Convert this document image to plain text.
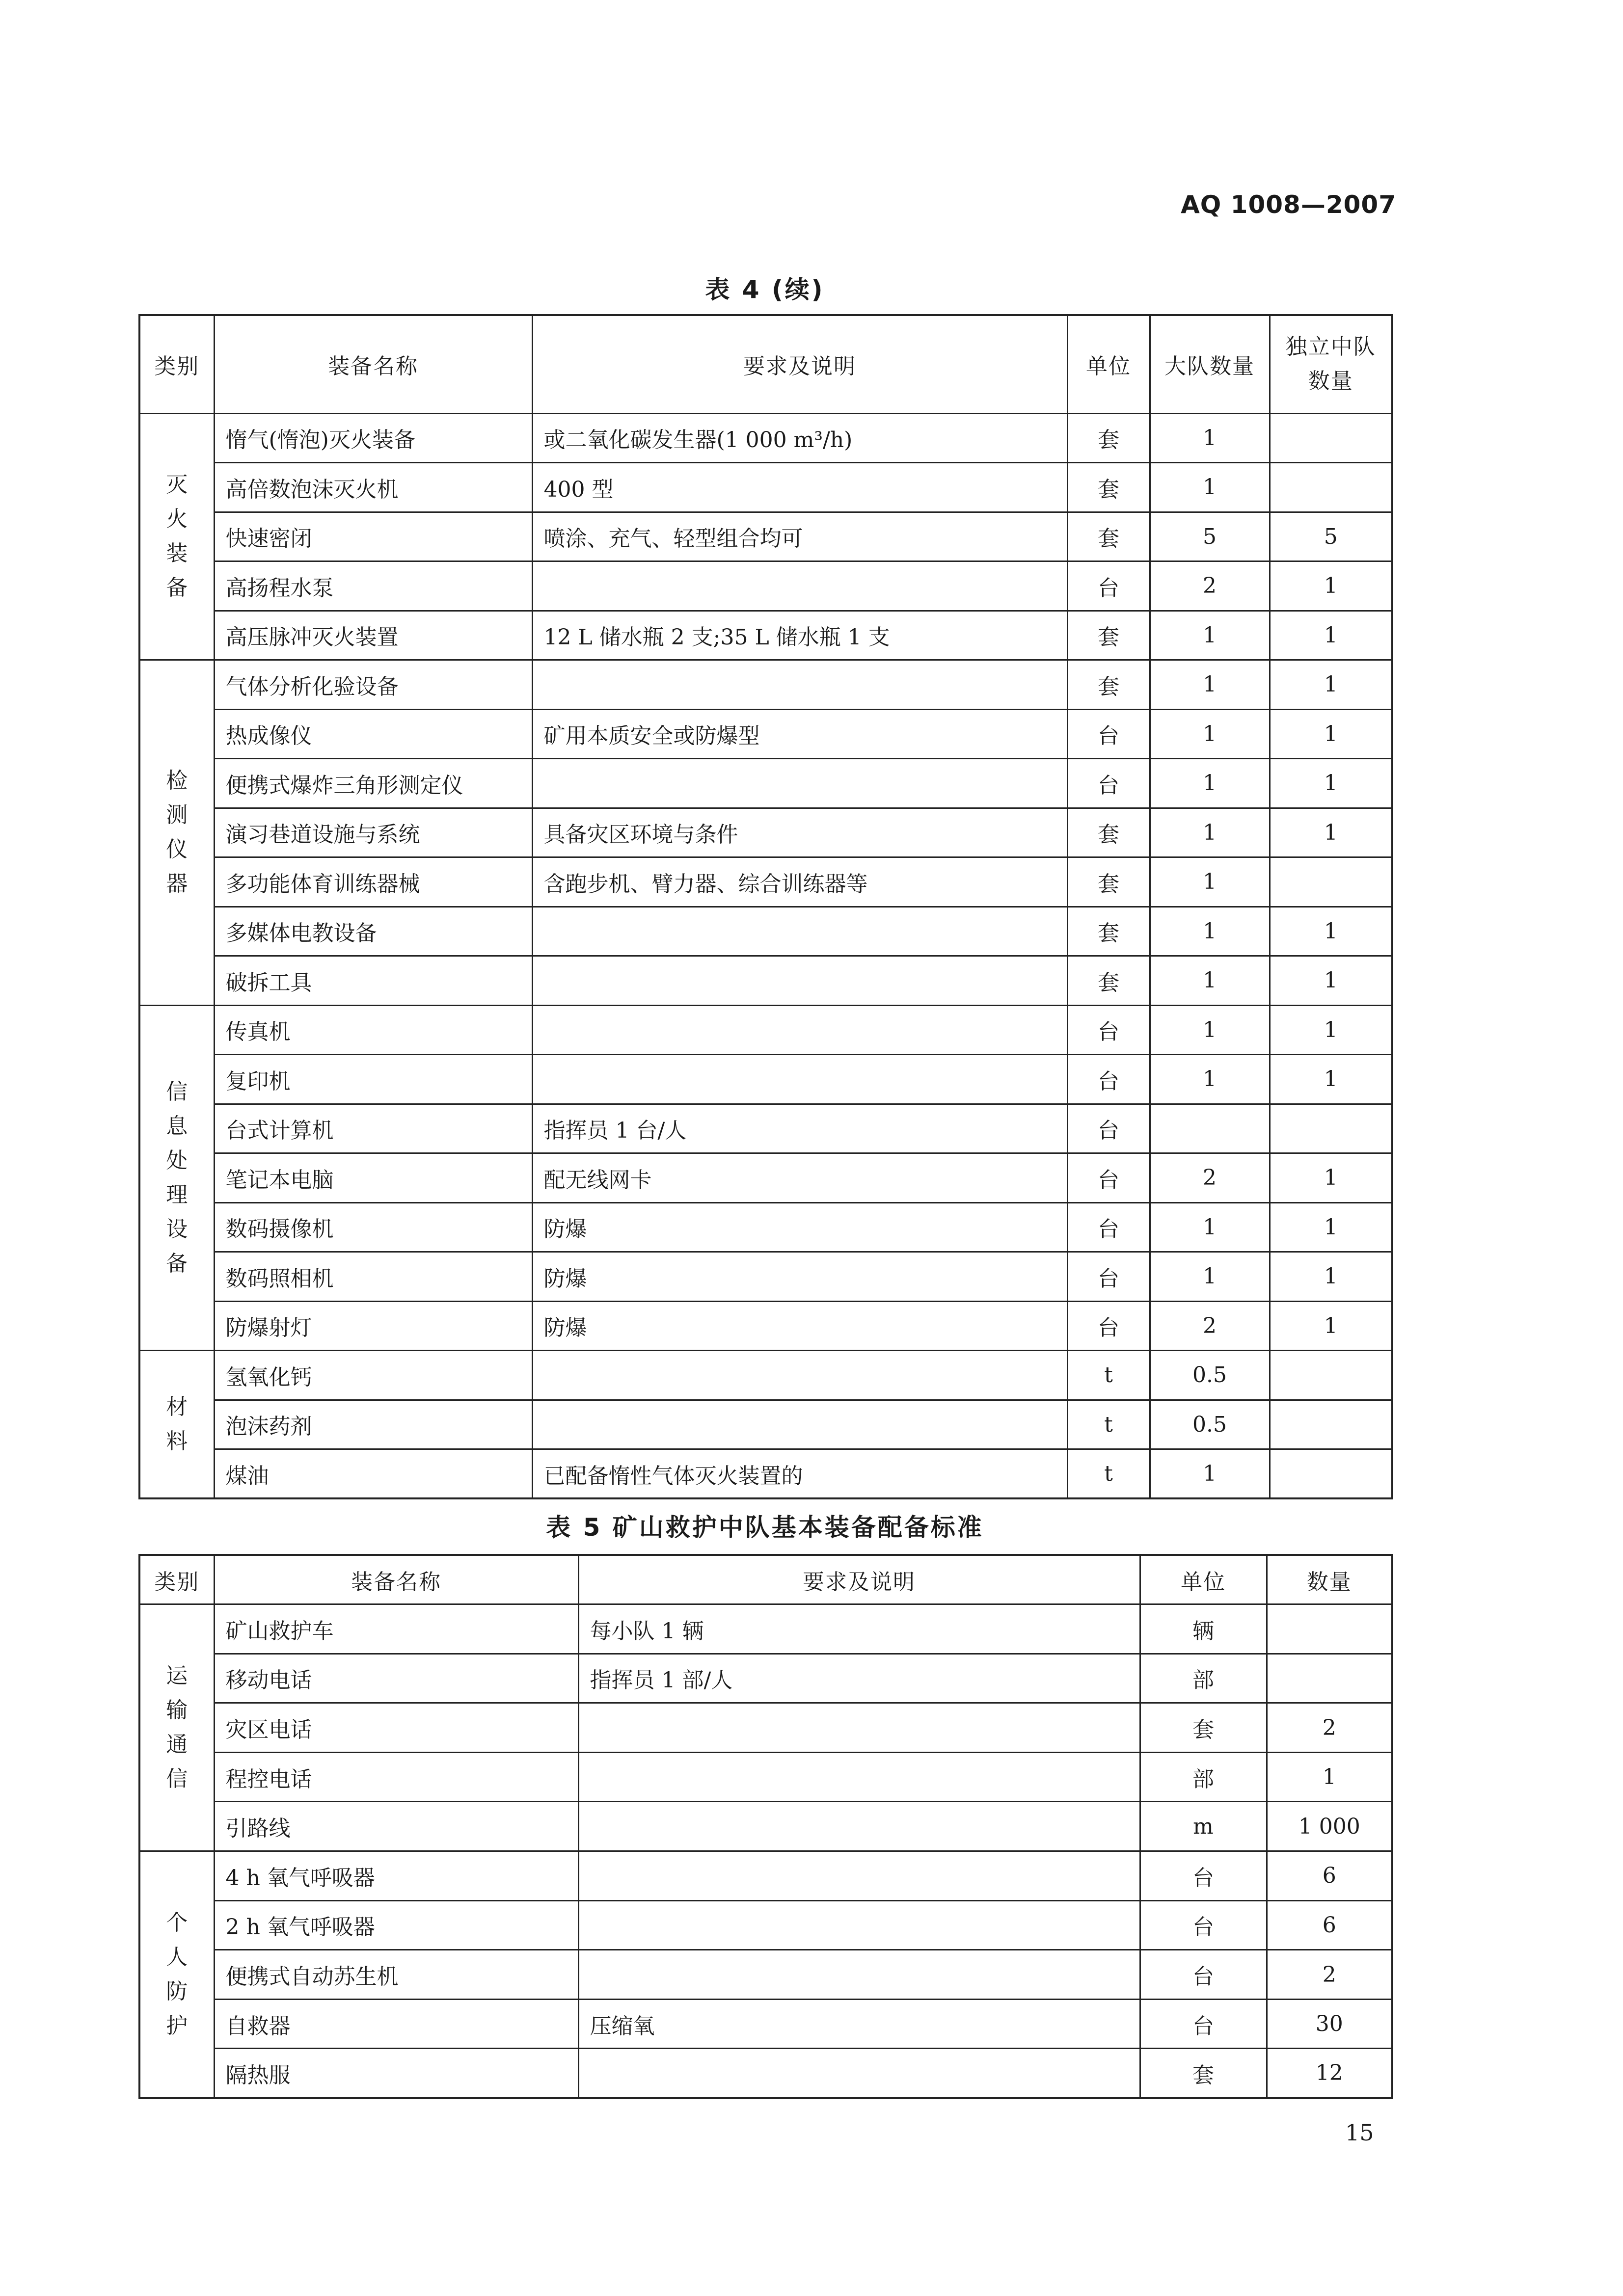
AQ 1008—2007
表 4 (续)
类别	装备名称	要求及说明	单位	大队数量	独立中队数量
灭火装备	惰气(惰泡)灭火装备	或二氧化碳发生器(1 000 m³/h)	套	1	
	高倍数泡沫灭火机	400 型	套	1	
	快速密闭	喷涂、充气、轻型组合均可	套	5	5
	高扬程水泵		台	2	1
	高压脉冲灭火装置	12 L 储水瓶 2 支;35 L 储水瓶 1 支	套	1	1
检测仪器	气体分析化验设备		套	1	1
	热成像仪	矿用本质安全或防爆型	台	1	1
	便携式爆炸三角形测定仪		台	1	1
	演习巷道设施与系统	具备灾区环境与条件	套	1	1
	多功能体育训练器械	含跑步机、臂力器、综合训练器等	套	1	
	多媒体电教设备		套	1	1
	破拆工具		套	1	1
信息处理设备	传真机		台	1	1
	复印机		台	1	1
	台式计算机	指挥员 1 台/人	台		
	笔记本电脑	配无线网卡	台	2	1
	数码摄像机	防爆	台	1	1
	数码照相机	防爆	台	1	1
	防爆射灯	防爆	台	2	1
材料	氢氧化钙		t	0.5	
	泡沫药剂		t	0.5	
	煤油	已配备惰性气体灭火装置的	t	1	
表 5 矿山救护中队基本装备配备标准
类别	装备名称	要求及说明	单位	数量
运输通信	矿山救护车	每小队 1 辆	辆	
	移动电话	指挥员 1 部/人	部	
	灾区电话		套	2
	程控电话		部	1
	引路线		m	1 000
个人防护	4 h 氧气呼吸器		台	6
	2 h 氧气呼吸器		台	6
	便携式自动苏生机		台	2
	自救器	压缩氧	台	30
	隔热服		套	12
15
